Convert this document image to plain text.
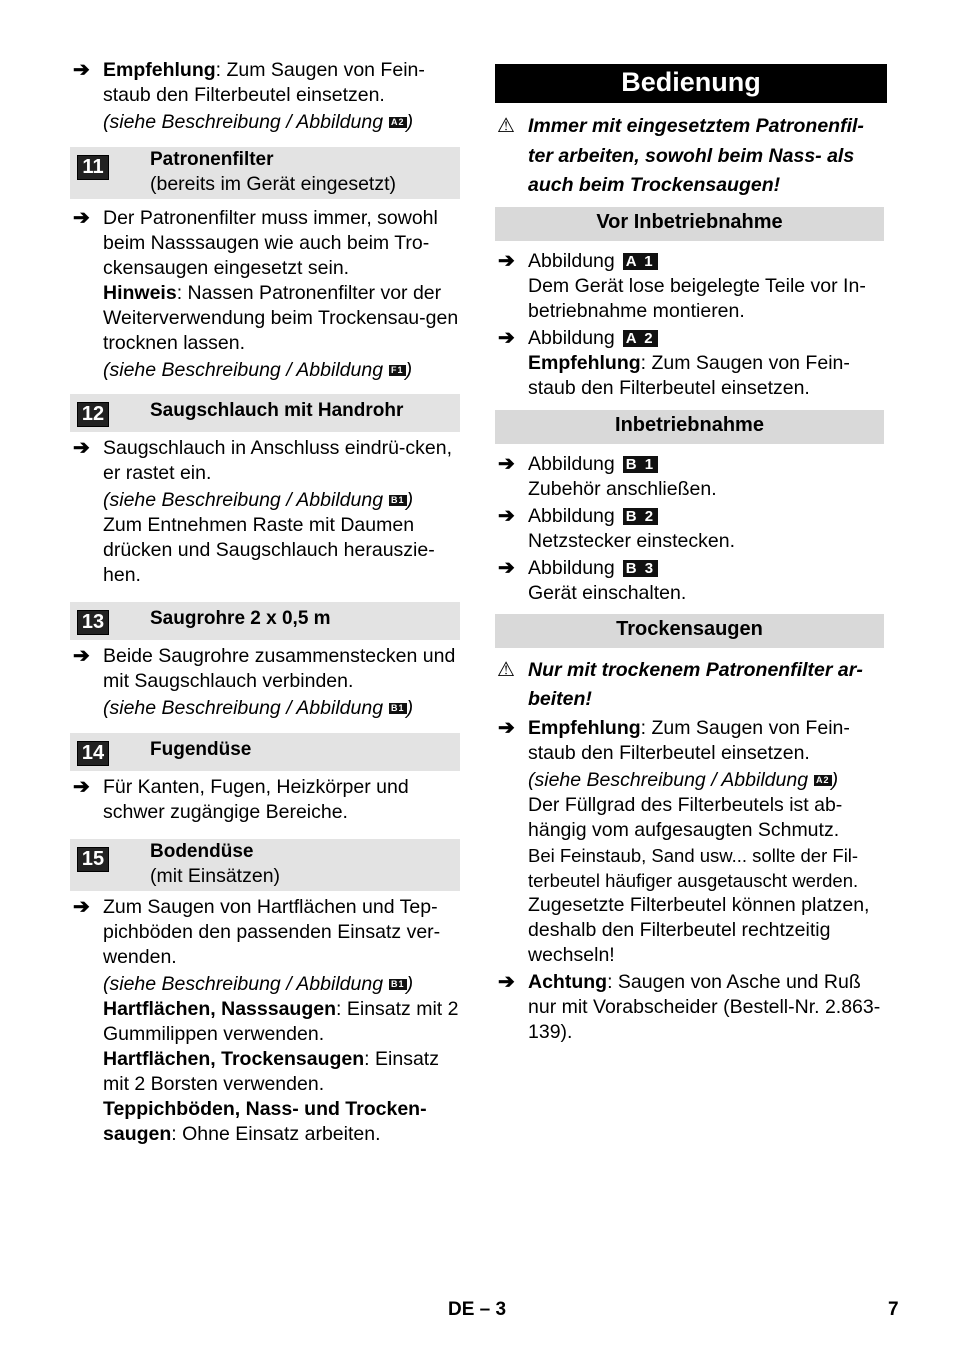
➔ Empfehlung: Zum Saugen von Fein-staub den Filterbeutel einsetzen.

(siehe Beschreibung / Abbildung A2 )

11 Patronenfilter
(bereits im Gerät eingesetzt)
➔ Der Patronenfilter muss immer, sowohl beim Nasssaugen wie auch beim Tro-ckensaugen eingesetzt sein.

Hinweis: Nassen Patronenfilter vor der Weiterverwendung beim Trockensau-gen trocknen lassen.

(siehe Beschreibung / Abbildung F1 )

12 Saugschlauch mit Handrohr
➔ Saugschlauch in Anschluss eindrü-cken, er rastet ein.

(siehe Beschreibung / Abbildung B1 )

Zum Entnehmen Raste mit Daumen drücken und Saugschlauch herauszie-hen.

13 Saugrohre 2 x 0,5 m
➔ Beide Saugrohre zusammenstecken und mit Saugschlauch verbinden.

(siehe Beschreibung / Abbildung B1 )

14 Fugendüse
➔ Für Kanten, Fugen, Heizkörper und schwer zugängige Bereiche.

15 Bodendüse
(mit Einsätzen)
➔ Zum Saugen von Hartflächen und Tep-pichböden den passenden Einsatz ver-wenden.

(siehe Beschreibung / Abbildung B1 )

Hartflächen, Nasssaugen: Einsatz mit 2 Gummilippen verwenden.

Hartflächen, Trockensaugen: Einsatz mit 2 Borsten verwenden.

Teppichböden, Nass- und Trocken-saugen: Ohne Einsatz arbeiten.

Bedienung
⚠ Immer mit eingesetztem Patronenfil-ter arbeiten, sowohl beim Nass- als auch beim Trockensaugen!
Vor Inbetriebnahme
➔ Abbildung A 1

Dem Gerät lose beigelegte Teile vor In-betriebnahme montieren.

➔ Abbildung A 2

Empfehlung: Zum Saugen von Fein-staub den Filterbeutel einsetzen.

Inbetriebnahme
➔ Abbildung B 1

Zubehör anschließen.

➔ Abbildung B 2

Netzstecker einstecken.

➔ Abbildung B 3

Gerät einschalten.

Trockensaugen
⚠ Nur mit trockenem Patronenfilter ar-beiten!
➔ Empfehlung: Zum Saugen von Fein-staub den Filterbeutel einsetzen.

(siehe Beschreibung / Abbildung A2 )

Der Füllgrad des Filterbeutels ist ab-hängig vom aufgesaugten Schmutz.

Bei Feinstaub, Sand usw... sollte der Fil-terbeutel häufiger ausgetauscht werden.

Zugesetzte Filterbeutel können platzen, deshalb den Filterbeutel rechtzeitig wechseln!

➔ Achtung: Saugen von Asche und Ruß nur mit Vorabscheider (Bestell-Nr. 2.863-139).

DE – 3	7
